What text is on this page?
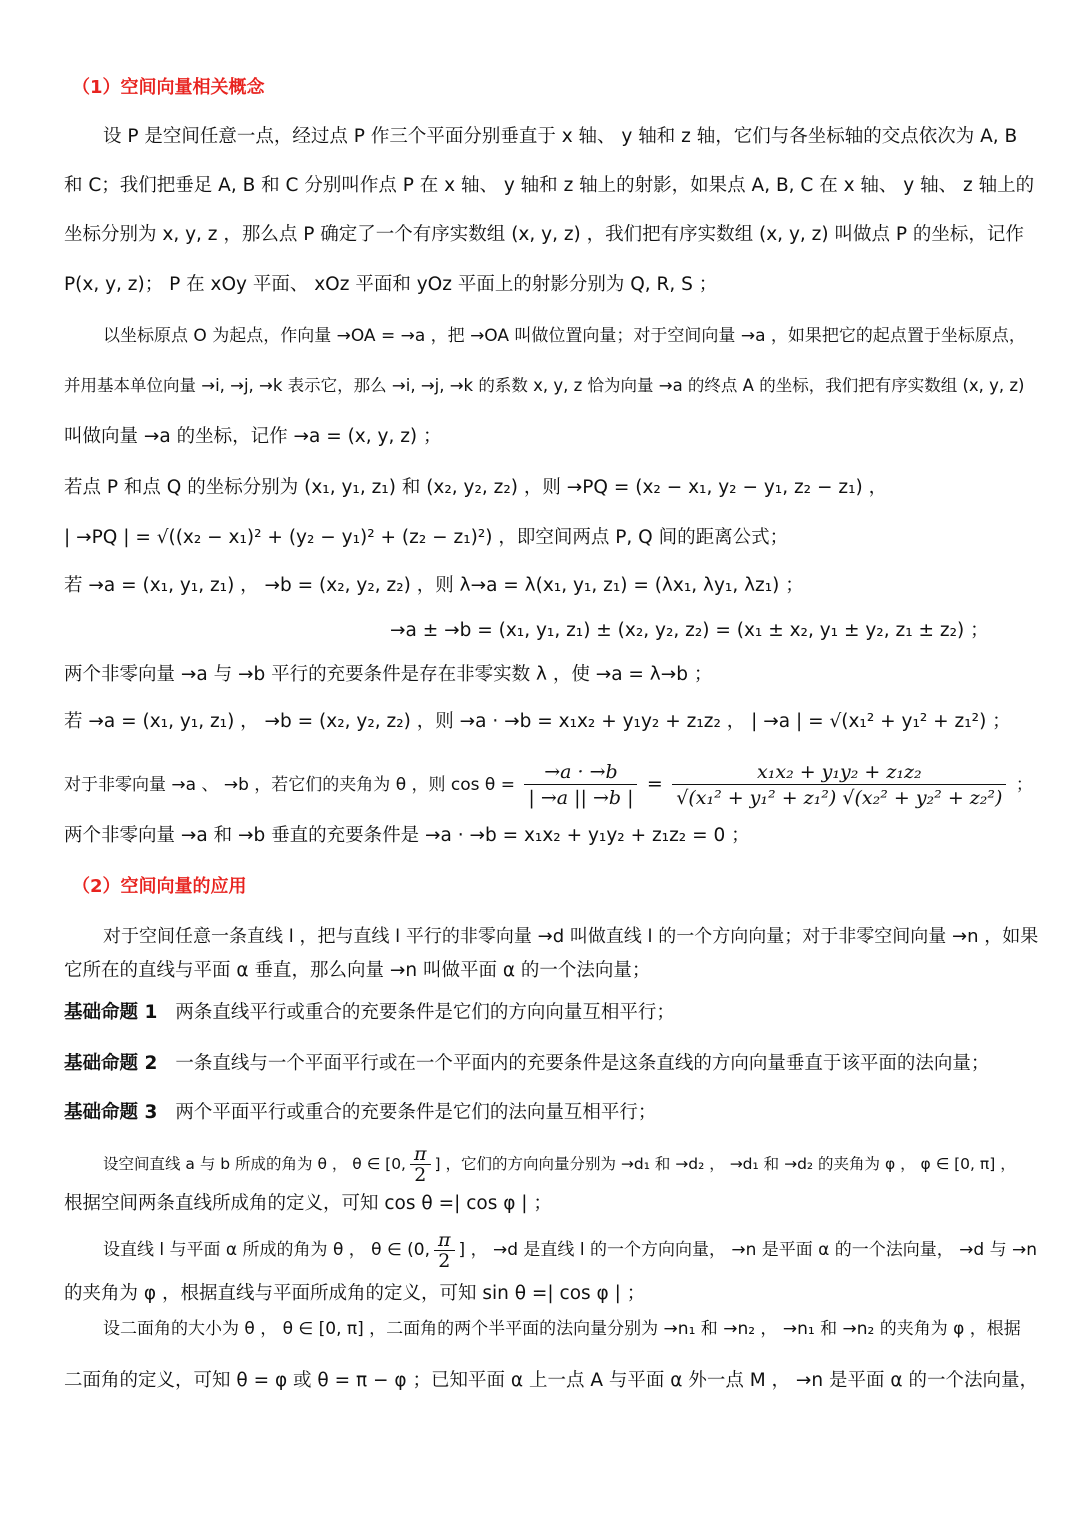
（1）空间向量相关概念
设 P 是空间任意一点，经过点 P 作三个平面分别垂直于 x 轴、 y 轴和 z 轴，它们与各坐标轴的交点依次为 A, B
和 C；我们把垂足 A, B 和 C 分别叫作点 P 在 x 轴、 y 轴和 z 轴上的射影，如果点 A, B, C 在 x 轴、 y 轴、 z 轴上的
坐标分别为 x, y, z ，那么点 P 确定了一个有序实数组 (x, y, z) ，我们把有序实数组 (x, y, z) 叫做点 P 的坐标，记作
P(x, y, z)； P 在 xOy 平面、 xOz 平面和 yOz 平面上的射影分别为 Q, R, S ；
以坐标原点 O 为起点，作向量 →OA = →a ，把 →OA 叫做位置向量；对于空间向量 →a ，如果把它的起点置于坐标原点，
并用基本单位向量 →i, →j, →k 表示它，那么 →i, →j, →k 的系数 x, y, z 恰为向量 →a 的终点 A 的坐标，我们把有序实数组 (x, y, z)
叫做向量 →a 的坐标，记作 →a = (x, y, z) ；
若点 P 和点 Q 的坐标分别为 (x₁, y₁, z₁) 和 (x₂, y₂, z₂) ，则 →PQ = (x₂ − x₁, y₂ − y₁, z₂ − z₁) ，
| →PQ | = √((x₂ − x₁)² + (y₂ − y₁)² + (z₂ − z₁)²) ，即空间两点 P, Q 间的距离公式；
若 →a = (x₁, y₁, z₁) ， →b = (x₂, y₂, z₂) ，则 λ→a = λ(x₁, y₁, z₁) = (λx₁, λy₁, λz₁) ；
→a ± →b = (x₁, y₁, z₁) ± (x₂, y₂, z₂) = (x₁ ± x₂, y₁ ± y₂, z₁ ± z₂) ；
两个非零向量 →a 与 →b 平行的充要条件是存在非零实数 λ ，使 →a = λ→b ；
若 →a = (x₁, y₁, z₁) ， →b = (x₂, y₂, z₂) ，则 →a · →b = x₁x₂ + y₁y₂ + z₁z₂ ， | →a | = √(x₁² + y₁² + z₁²) ；
对于非零向量 →a 、 →b ，若它们的夹角为 θ ，则 $\cos \theta = \frac{\to a \cdot \to b}{| \to a || \to b |} = \frac{\text{x₁x₂ + y₁y₂ + z₁z₂}}{\text{√(x₁² + y₁² + z₁²) √(x₂² + y₂² + z₂²)}}$ ；
两个非零向量 →a 和 →b 垂直的充要条件是 →a · →b = x₁x₂ + y₁y₂ + z₁z₂ = 0 ；
（2）空间向量的应用
对于空间任意一条直线 l ，把与直线 l 平行的非零向量 →d 叫做直线 l 的一个方向向量；对于非零空间向量 →n ，如果
它所在的直线与平面 α 垂直，那么向量 →n 叫做平面 α 的一个法向量；
基础命题 1 两条直线平行或重合的充要条件是它们的方向向量互相平行；
基础命题 2 一条直线与一个平面平行或在一个平面内的充要条件是这条直线的方向向量垂直于该平面的法向量；
基础命题 3 两个平面平行或重合的充要条件是它们的法向量互相平行；
设空间直线 a 与 b 所成的角为 θ ， θ ∈ [0, $\frac{\pi}{2}$ ] ，它们的方向向量分别为 →d₁ 和 →d₂ ， →d₁ 和 →d₂ 的夹角为 φ ， φ ∈ [0, π] ，
根据空间两条直线所成角的定义，可知 cos θ =| cos φ | ；
设直线 l 与平面 α 所成的角为 θ ， θ ∈ (0, $\frac{\pi}{2}$ ] ， →d 是直线 l 的一个方向向量， →n 是平面 α 的一个法向量， →d 与 →n
的夹角为 φ ，根据直线与平面所成角的定义，可知 sin θ =| cos φ | ；
设二面角的大小为 θ ， θ ∈ [0, π] ，二面角的两个半平面的法向量分别为 →n₁ 和 →n₂ ， →n₁ 和 →n₂ 的夹角为 φ ，根据
二面角的定义，可知 θ = φ 或 θ = π − φ ；已知平面 α 上一点 A 与平面 α 外一点 M ， →n 是平面 α 的一个法向量，
